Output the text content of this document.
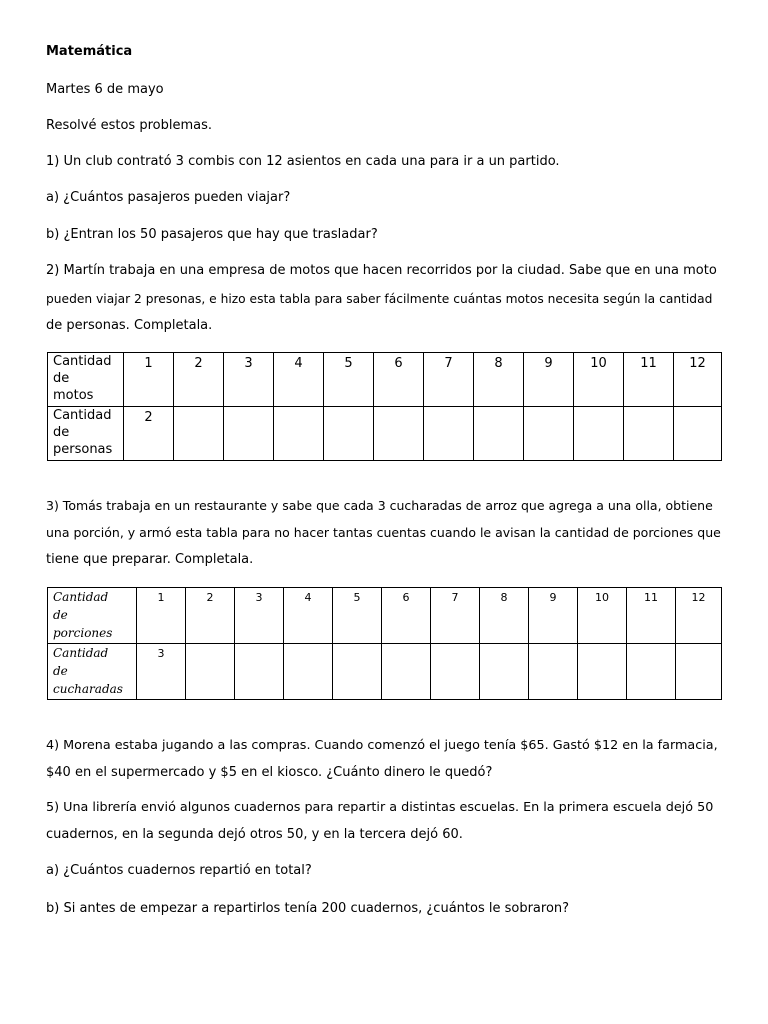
Matemática
Martes 6 de mayo
Resolvé estos problemas.
1) Un club contrató 3 combis con 12 asientos en cada una para ir a un partido.
a) ¿Cuántos pasajeros pueden viajar?
b) ¿Entran los 50 pasajeros que hay que trasladar?
2) Martín trabaja en una empresa de motos que hacen recorridos por la ciudad. Sabe que en una moto
pueden viajar 2 presonas, e hizo esta tabla para saber fácilmente cuántas motos necesita según la cantidad
de personas. Completala.
Cantidad
de
motos	1	2	3	4	5	6	7	8	9	10	11	12

Cantidad
de
personas	2											
3) Tomás trabaja en un restaurante y sabe que cada 3 cucharadas de arroz que agrega a una olla, obtiene
una porción, y armó esta tabla para no hacer tantas cuentas cuando le avisan la cantidad de porciones que
tiene que preparar. Completala.
Cantidad
de
porciones	1	2	3	4	5	6	7	8	9	10	11	12

Cantidad
de
cucharadas	3											
4) Morena estaba jugando a las compras. Cuando comenzó el juego tenía $65. Gastó $12 en la farmacia,
$40 en el supermercado y $5 en el kiosco. ¿Cuánto dinero le quedó?
5) Una librería envió algunos cuadernos para repartir a distintas escuelas. En la primera escuela dejó 50
cuadernos, en la segunda dejó otros 50, y en la tercera dejó 60.
a) ¿Cuántos cuadernos repartió en total?
b) Si antes de empezar a repartirlos tenía 200 cuadernos, ¿cuántos le sobraron?
